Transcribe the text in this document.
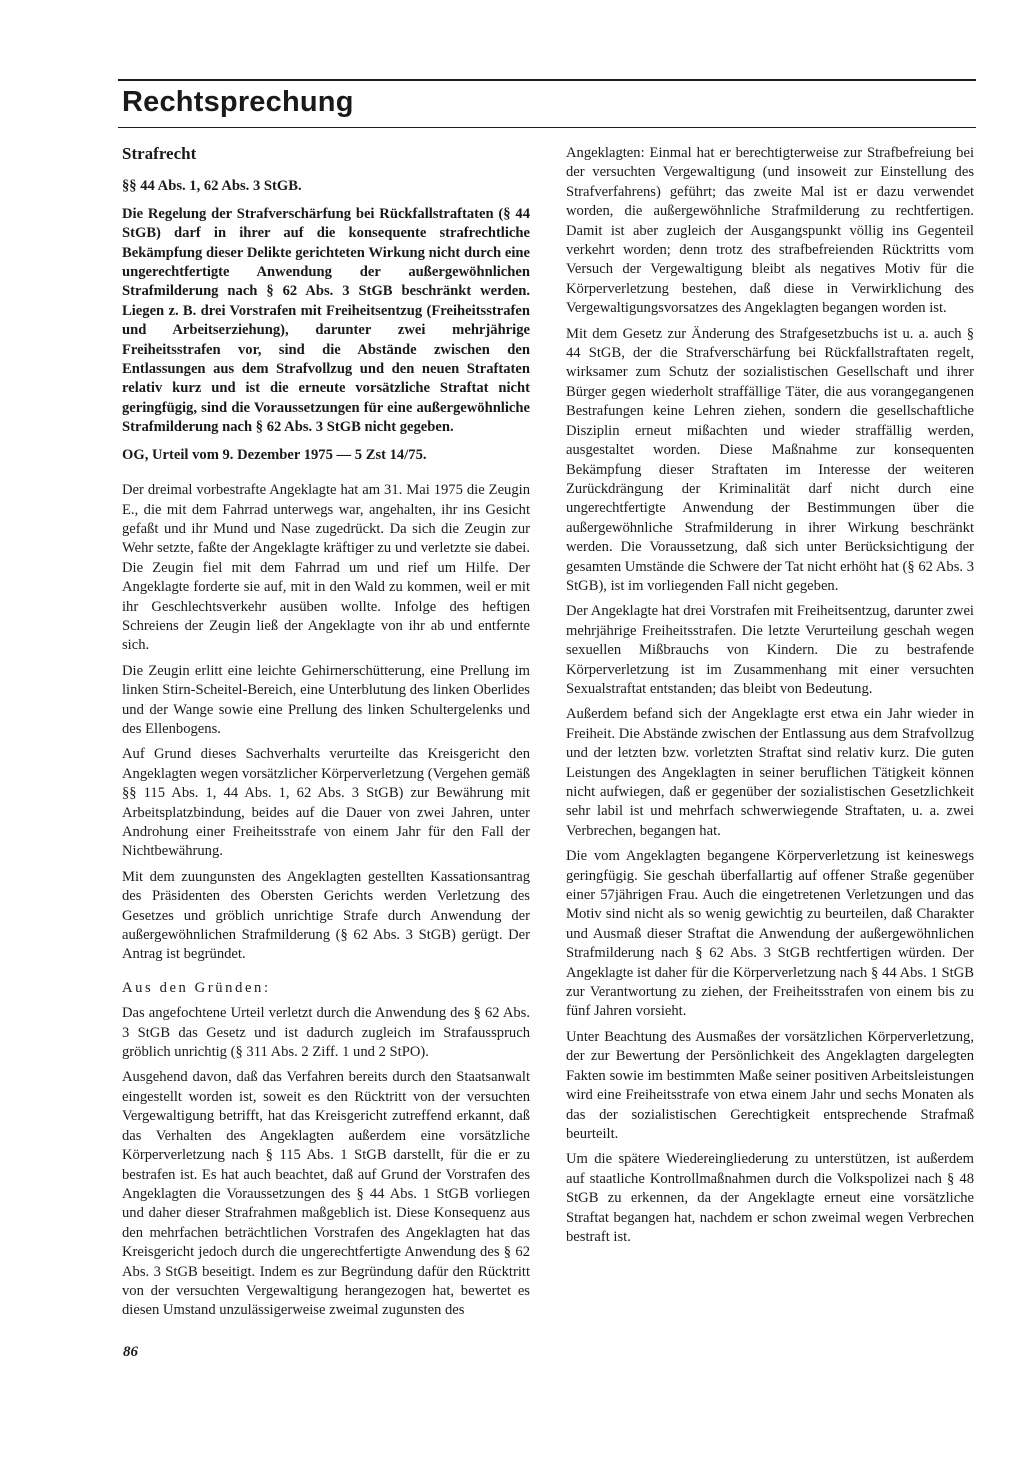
Rechtsprechung
Strafrecht

§§ 44 Abs. 1, 62 Abs. 3 StGB.

Die Regelung der Strafverschärfung bei Rückfallstraftaten (§ 44 StGB) darf in ihrer auf die konsequente strafrechtliche Bekämpfung dieser Delikte gerichteten Wirkung nicht durch eine ungerechtfertigte Anwendung der außergewöhnlichen Strafmilderung nach § 62 Abs. 3 StGB beschränkt werden. Liegen z. B. drei Vorstrafen mit Freiheitsentzug (Freiheitsstrafen und Arbeitserziehung), darunter zwei mehrjährige Freiheitsstrafen vor, sind die Abstände zwischen den Entlassungen aus dem Strafvollzug und den neuen Straftaten relativ kurz und ist die erneute vorsätzliche Straftat nicht geringfügig, sind die Voraussetzungen für eine außergewöhnliche Strafmilderung nach § 62 Abs. 3 StGB nicht gegeben.

OG, Urteil vom 9. Dezember 1975 — 5 Zst 14/75.

Der dreimal vorbestrafte Angeklagte hat am 31. Mai 1975 die Zeugin E., die mit dem Fahrrad unterwegs war, angehalten, ihr ins Gesicht gefaßt und ihr Mund und Nase zugedrückt. Da sich die Zeugin zur Wehr setzte, faßte der Angeklagte kräftiger zu und verletzte sie dabei. Die Zeugin fiel mit dem Fahrrad um und rief um Hilfe. Der Angeklagte forderte sie auf, mit in den Wald zu kommen, weil er mit ihr Geschlechtsverkehr ausüben wollte. Infolge des heftigen Schreiens der Zeugin ließ der Angeklagte von ihr ab und entfernte sich.

Die Zeugin erlitt eine leichte Gehirnerschütterung, eine Prellung im linken Stirn-Scheitel-Bereich, eine Unterblutung des linken Oberlides und der Wange sowie eine Prellung des linken Schultergelenks und des Ellenbogens.

Auf Grund dieses Sachverhalts verurteilte das Kreisgericht den Angeklagten wegen vorsätzlicher Körperverletzung (Vergehen gemäß §§ 115 Abs. 1, 44 Abs. 1, 62 Abs. 3 StGB) zur Bewährung mit Arbeitsplatzbindung, beides auf die Dauer von zwei Jahren, unter Androhung einer Freiheitsstrafe von einem Jahr für den Fall der Nichtbewährung.

Mit dem zuungunsten des Angeklagten gestellten Kassationsantrag des Präsidenten des Obersten Gerichts werden Verletzung des Gesetzes und gröblich unrichtige Strafe durch Anwendung der außergewöhnlichen Strafmilderung (§ 62 Abs. 3 StGB) gerügt. Der Antrag ist begründet.

Aus den Gründen:

Das angefochtene Urteil verletzt durch die Anwendung des § 62 Abs. 3 StGB das Gesetz und ist dadurch zugleich im Strafausspruch gröblich unrichtig (§ 311 Abs. 2 Ziff. 1 und 2 StPO).

Ausgehend davon, daß das Verfahren bereits durch den Staatsanwalt eingestellt worden ist, soweit es den Rücktritt von der versuchten Vergewaltigung betrifft, hat das Kreisgericht zutreffend erkannt, daß das Verhalten des Angeklagten außerdem eine vorsätzliche Körperverletzung nach § 115 Abs. 1 StGB darstellt, für die er zu bestrafen ist. Es hat auch beachtet, daß auf Grund der Vorstrafen des Angeklagten die Voraussetzungen des § 44 Abs. 1 StGB vorliegen und daher dieser Strafrahmen maßgeblich ist. Diese Konsequenz aus den mehrfachen beträchtlichen Vorstrafen des Angeklagten hat das Kreisgericht jedoch durch die ungerechtfertigte Anwendung des § 62 Abs. 3 StGB beseitigt. Indem es zur Begründung dafür den Rücktritt von der versuchten Vergewaltigung herangezogen hat, bewertet es diesen Umstand unzulässigerweise zweimal zugunsten des

Angeklagten: Einmal hat er berechtigterweise zur Strafbefreiung bei der versuchten Vergewaltigung (und insoweit zur Einstellung des Strafverfahrens) geführt; das zweite Mal ist er dazu verwendet worden, die außergewöhnliche Strafmilderung zu rechtfertigen. Damit ist aber zugleich der Ausgangspunkt völlig ins Gegenteil verkehrt worden; denn trotz des strafbefreienden Rücktritts vom Versuch der Vergewaltigung bleibt als negatives Motiv für die Körperverletzung bestehen, daß diese in Verwirklichung des Vergewaltigungsvorsatzes des Angeklagten begangen worden ist.

Mit dem Gesetz zur Änderung des Strafgesetzbuchs ist u. a. auch § 44 StGB, der die Strafverschärfung bei Rückfallstraftaten regelt, wirksamer zum Schutz der sozialistischen Gesellschaft und ihrer Bürger gegen wiederholt straffällige Täter, die aus vorangegangenen Bestrafungen keine Lehren ziehen, sondern die gesellschaftliche Disziplin erneut mißachten und wieder straffällig werden, ausgestaltet worden. Diese Maßnahme zur konsequenten Bekämpfung dieser Straftaten im Interesse der weiteren Zurückdrängung der Kriminalität darf nicht durch eine ungerechtfertigte Anwendung der Bestimmungen über die außergewöhnliche Strafmilderung in ihrer Wirkung beschränkt werden. Die Voraussetzung, daß sich unter Berücksichtigung der gesamten Umstände die Schwere der Tat nicht erhöht hat (§ 62 Abs. 3 StGB), ist im vorliegenden Fall nicht gegeben.

Der Angeklagte hat drei Vorstrafen mit Freiheitsentzug, darunter zwei mehrjährige Freiheitsstrafen. Die letzte Verurteilung geschah wegen sexuellen Mißbrauchs von Kindern. Die zu bestrafende Körperverletzung ist im Zusammenhang mit einer versuchten Sexualstraftat entstanden; das bleibt von Bedeutung.

Außerdem befand sich der Angeklagte erst etwa ein Jahr wieder in Freiheit. Die Abstände zwischen der Entlassung aus dem Strafvollzug und der letzten bzw. vorletzten Straftat sind relativ kurz. Die guten Leistungen des Angeklagten in seiner beruflichen Tätigkeit können nicht aufwiegen, daß er gegenüber der sozialistischen Gesetzlichkeit sehr labil ist und mehrfach schwerwiegende Straftaten, u. a. zwei Verbrechen, begangen hat.

Die vom Angeklagten begangene Körperverletzung ist keineswegs geringfügig. Sie geschah überfallartig auf offener Straße gegenüber einer 57jährigen Frau. Auch die eingetretenen Verletzungen und das Motiv sind nicht als so wenig gewichtig zu beurteilen, daß Charakter und Ausmaß dieser Straftat die Anwendung der außergewöhnlichen Strafmilderung nach § 62 Abs. 3 StGB rechtfertigen würden. Der Angeklagte ist daher für die Körperverletzung nach § 44 Abs. 1 StGB zur Verantwortung zu ziehen, der Freiheitsstrafen von einem bis zu fünf Jahren vorsieht.

Unter Beachtung des Ausmaßes der vorsätzlichen Körperverletzung, der zur Bewertung der Persönlichkeit des Angeklagten dargelegten Fakten sowie im bestimmten Maße seiner positiven Arbeitsleistungen wird eine Freiheitsstrafe von etwa einem Jahr und sechs Monaten als das der sozialistischen Gerechtigkeit entsprechende Strafmaß beurteilt.

Um die spätere Wiedereingliederung zu unterstützen, ist außerdem auf staatliche Kontrollmaßnahmen durch die Volkspolizei nach § 48 StGB zu erkennen, da der Angeklagte erneut eine vorsätzliche Straftat begangen hat, nachdem er schon zweimal wegen Verbrechen bestraft ist.

86
